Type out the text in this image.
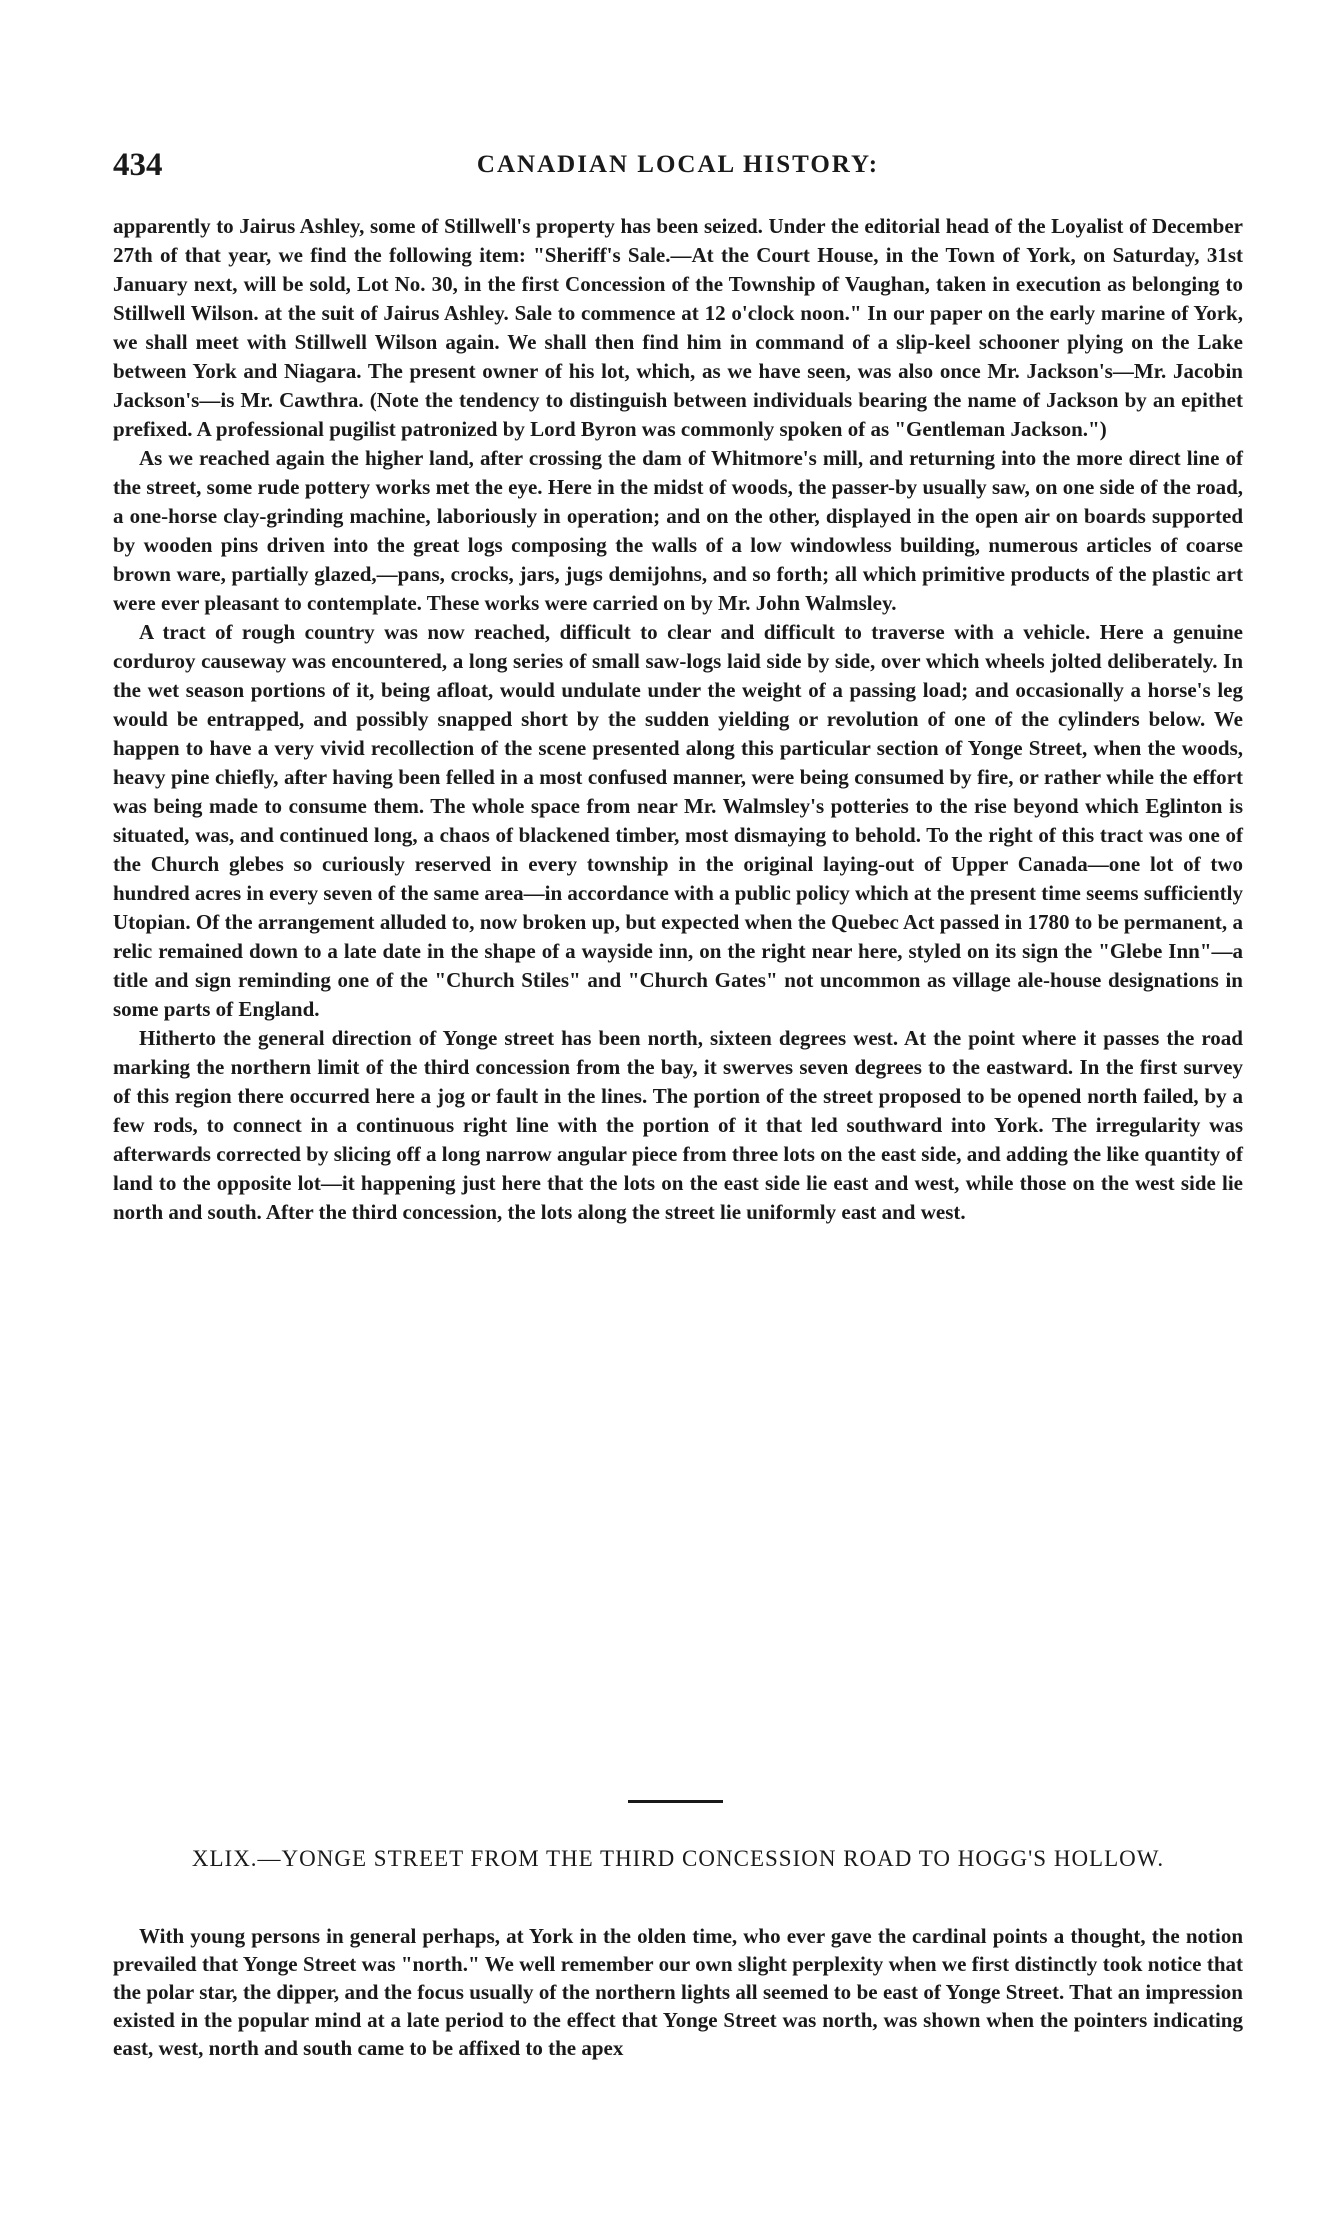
434	CANADIAN LOCAL HISTORY:

apparently to Jairus Ashley, some of Stillwell's property has been seized. Under the editorial head of the Loyalist of December 27th of that year, we find the following item: "Sheriff's Sale.—At the Court House, in the Town of York, on Saturday, 31st January next, will be sold, Lot No. 30, in the first Concession of the Township of Vaughan, taken in execution as belonging to Stillwell Wilson. at the suit of Jairus Ashley. Sale to commence at 12 o'clock noon." In our paper on the early marine of York, we shall meet with Stillwell Wilson again. We shall then find him in command of a slip-keel schooner plying on the Lake between York and Niagara. The present owner of his lot, which, as we have seen, was also once Mr. Jackson's—Mr. Jacobin Jackson's—is Mr. Cawthra. (Note the tendency to distinguish between individuals bearing the name of Jackson by an epithet prefixed. A professional pugilist patronized by Lord Byron was commonly spoken of as "Gentleman Jackson.")

As we reached again the higher land, after crossing the dam of Whitmore's mill, and returning into the more direct line of the street, some rude pottery works met the eye. Here in the midst of woods, the passer-by usually saw, on one side of the road, a one-horse clay-grinding machine, laboriously in operation; and on the other, displayed in the open air on boards supported by wooden pins driven into the great logs composing the walls of a low windowless building, numerous articles of coarse brown ware, partially glazed,—pans, crocks, jars, jugs demijohns, and so forth; all which primitive products of the plastic art were ever pleasant to contemplate. These works were carried on by Mr. John Walmsley.

A tract of rough country was now reached, difficult to clear and difficult to traverse with a vehicle. Here a genuine corduroy causeway was encountered, a long series of small saw-logs laid side by side, over which wheels jolted deliberately. In the wet season portions of it, being afloat, would undulate under the weight of a passing load; and occasionally a horse's leg would be entrapped, and possibly snapped short by the sudden yielding or revolution of one of the cylinders below. We happen to have a very vivid recollection of the scene presented along this particular section of Yonge Street, when the woods, heavy pine chiefly, after having been felled in a most confused manner, were being consumed by fire, or rather while the effort was being made to consume them. The whole space from near Mr. Walmsley's potteries to the rise beyond which Eglinton is situated, was, and continued long, a chaos of blackened timber, most dismaying to behold. To the right of this tract was one of the Church glebes so curiously reserved in every township in the original laying-out of Upper Canada—one lot of two hundred acres in every seven of the same area—in accordance with a public policy which at the present time seems sufficiently Utopian. Of the arrangement alluded to, now broken up, but expected when the Quebec Act passed in 1780 to be permanent, a relic remained down to a late date in the shape of a wayside inn, on the right near here, styled on its sign the "Glebe Inn"—a title and sign reminding one of the "Church Stiles" and "Church Gates" not uncommon as village ale-house designations in some parts of England.

Hitherto the general direction of Yonge street has been north, sixteen degrees west. At the point where it passes the road marking the northern limit of the third concession from the bay, it swerves seven degrees to the eastward. In the first survey of this region there occurred here a jog or fault in the lines. The portion of the street proposed to be opened north failed, by a few rods, to connect in a continuous right line with the portion of it that led southward into York. The irregularity was afterwards corrected by slicing off a long narrow angular piece from three lots on the east side, and adding the like quantity of land to the opposite lot—it happening just here that the lots on the east side lie east and west, while those on the west side lie north and south. After the third concession, the lots along the street lie uniformly east and west.

XLIX.—YONGE STREET FROM THE THIRD CONCESSION ROAD TO HOGG'S HOLLOW.

With young persons in general perhaps, at York in the olden time, who ever gave the cardinal points a thought, the notion prevailed that Yonge Street was "north." We well remember our own slight perplexity when we first distinctly took notice that the polar star, the dipper, and the focus usually of the northern lights all seemed to be east of Yonge Street. That an impression existed in the popular mind at a late period to the effect that Yonge Street was north, was shown when the pointers indicating east, west, north and south came to be affixed to the apex
